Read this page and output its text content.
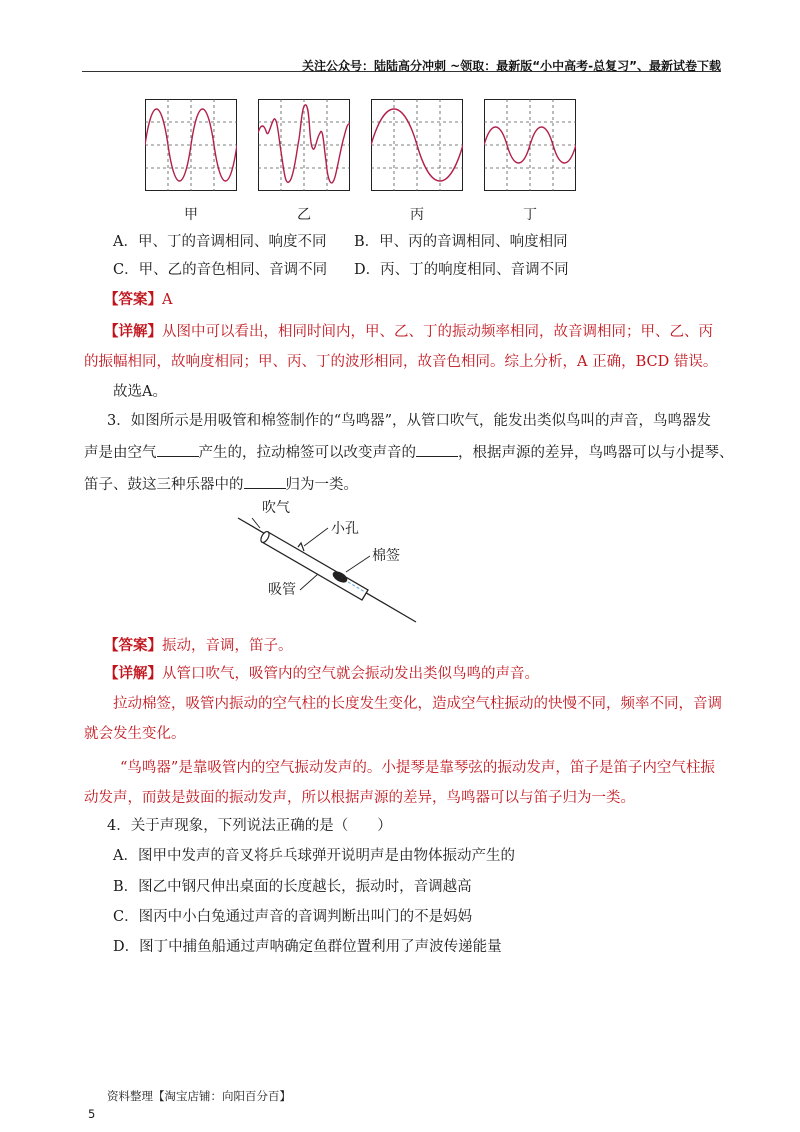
关注公众号：陆陆高分冲刺 ~领取：最新版“小中高考-总复习”、最新试卷下载
甲	乙	丙	丁
A．甲、丁的音调相同、响度不同 B．甲、丙的音调相同、响度相同
C．甲、乙的音色相同、音调不同 D．丙、丁的响度相同、音调不同
【答案】A
【详解】从图中可以看出，相同时间内，甲、乙、丁的振动频率相同，故音调相同；甲、乙、丙
的振幅相同，故响度相同；甲、丙、丁的波形相同，故音色相同。综上分析，A 正确，BCD 错误。
故选A。
3．如图所示是用吸管和棉签制作的“鸟鸣器”，从管口吹气，能发出类似鸟叫的声音，鸟鸣器发
声是由空气	产生的，拉动棉签可以改变声音的	，根据声源的差异，鸟鸣器可以与小提琴、
笛子、鼓这三种乐器中的	归为一类。
吹气
小孔
棉签
吸管
【答案】振动，音调，笛子。
【详解】从管口吹气，吸管内的空气就会振动发出类似鸟鸣的声音。
拉动棉签，吸管内振动的空气柱的长度发生变化，造成空气柱振动的快慢不同，频率不同，音调
就会发生变化。
“鸟鸣器”是靠吸管内的空气振动发声的。小提琴是靠琴弦的振动发声，笛子是笛子内空气柱振
动发声，而鼓是鼓面的振动发声，所以根据声源的差异，鸟鸣器可以与笛子归为一类。
4．关于声现象，下列说法正确的是（　　）
A．图甲中发声的音叉将乒乓球弹开说明声是由物体振动产生的
B．图乙中钢尺伸出桌面的长度越长，振动时，音调越高
C．图丙中小白兔通过声音的音调判断出叫门的不是妈妈
D．图丁中捕鱼船通过声呐确定鱼群位置利用了声波传递能量
资料整理【淘宝店铺：向阳百分百】
5
